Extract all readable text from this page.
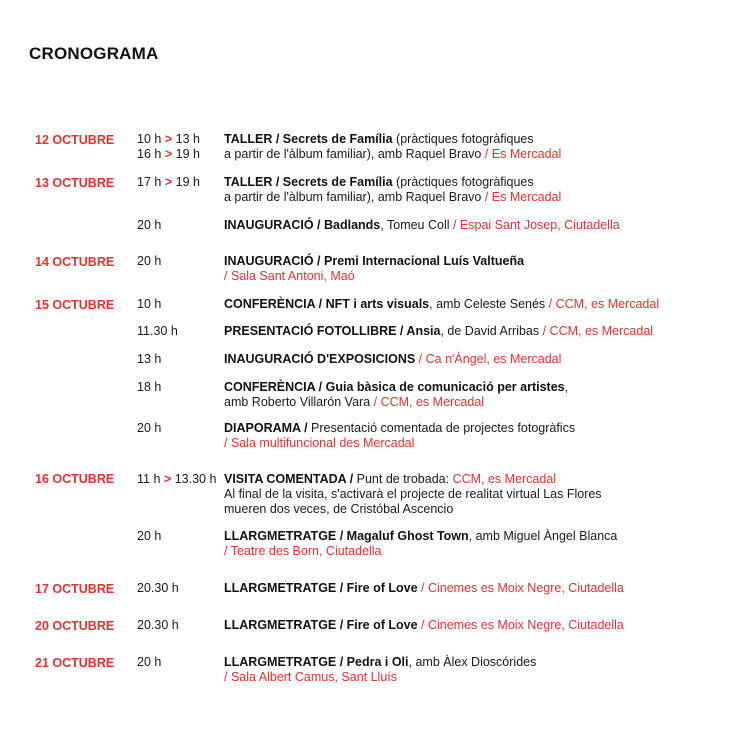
CRONOGRAMA
12 OCTUBRE
13 OCTUBRE
14 OCTUBRE
15 OCTUBRE
16 OCTUBRE
17 OCTUBRE
20 OCTUBRE
21 OCTUBRE
10 h > 13 h
16 h > 19 h
17 h > 19 h
20 h
20 h
10 h
11.30 h
13 h
18 h
20 h
11 h > 13.30 h
20 h
20.30 h
20.30 h
20 h
TALLER / Secrets de Família (pràctiques fotogràfiques
a partir de l'àlbum familiar), amb Raquel Bravo / Es Mercadal
TALLER / Secrets de Família (pràctiques fotogràfiques
a partir de l'àlbum familiar), amb Raquel Bravo / Es Mercadal
INAUGURACIÓ / Badlands, Tomeu Coll / Espai Sant Josep, Ciutadella
INAUGURACIÓ / Premi Internacional Luís Valtueña
/ Sala Sant Antoni, Maó
CONFERÈNCIA / NFT i arts visuals, amb Celeste Senés / CCM, es Mercadal
PRESENTACIÓ FOTOLLIBRE / Ansia, de David Arribas / CCM, es Mercadal
INAUGURACIÓ D'EXPOSICIONS / Ca n'Àngel, es Mercadal
CONFERÈNCIA / Guia bàsica de comunicació per artistes,
amb Roberto Villarón Vara / CCM, es Mercadal
DIAPORAMA / Presentació comentada de projectes fotogràfics
/ Sala multifuncional des Mercadal
VISITA COMENTADA / Punt de trobada: CCM, es Mercadal
Al final de la visita, s'activarà el projecte de realitat virtual Las Flores
mueren dos veces, de Cristóbal Ascencio
LLARGMETRATGE / Magaluf Ghost Town, amb Miguel Àngel Blanca
/ Teatre des Born, Ciutadella
LLARGMETRATGE / Fire of Love / Cinemes es Moix Negre, Ciutadella
LLARGMETRATGE / Fire of Love / Cinemes es Moix Negre, Ciutadella
LLARGMETRATGE / Pedra i Oli, amb Àlex Dioscórides
/ Sala Albert Camus, Sant Lluís
